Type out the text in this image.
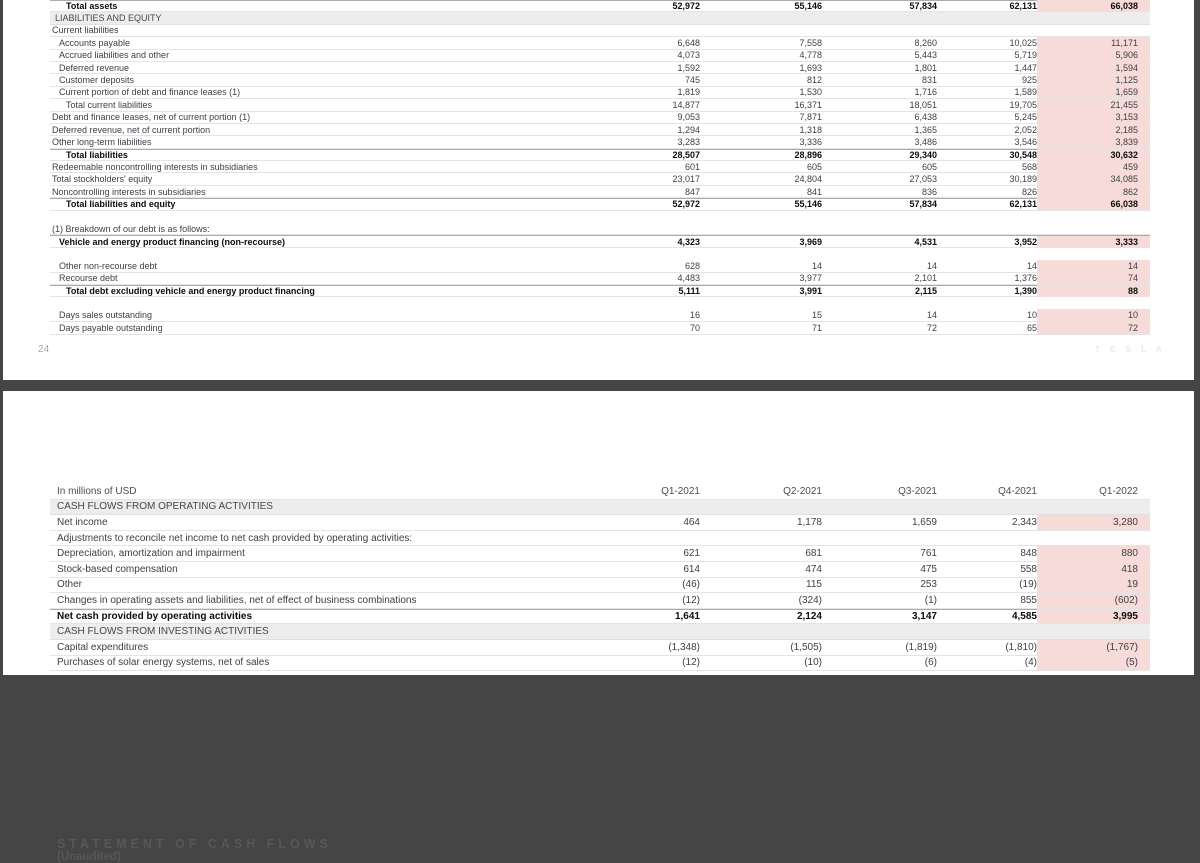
Total assets	52,972	55,146	57,834	62,131	66,038
LIABILITIES AND EQUITY
Current liabilities
Accounts payable	6,648	7,558	8,260	10,025	11,171
Accrued liabilities and other	4,073	4,778	5,443	5,719	5,906
Deferred revenue	1,592	1,693	1,801	1,447	1,594
Customer deposits	745	812	831	925	1,125
Current portion of debt and finance leases (1)	1,819	1,530	1,716	1,589	1,659
Total current liabilities	14,877	16,371	18,051	19,705	21,455
Debt and finance leases, net of current portion (1)	9,053	7,871	6,438	5,245	3,153
Deferred revenue, net of current portion	1,294	1,318	1,365	2,052	2,185
Other long-term liabilities	3,283	3,336	3,486	3,546	3,839
Total liabilities	28,507	28,896	29,340	30,548	30,632
Redeemable noncontrolling interests in subsidiaries	601	605	605	568	459
Total stockholders' equity	23,017	24,804	27,053	30,189	34,085
Noncontrolling interests in subsidiaries	847	841	836	826	862
Total liabilities and equity	52,972	55,146	57,834	62,131	66,038
(1) Breakdown of our debt is as follows:
Vehicle and energy product financing (non-recourse)	4,323	3,969	4,531	3,952	3,333
Other non-recourse debt	628	14	14	14	14
Recourse debt	4,483	3,977	2,101	1,376	74
Total debt excluding vehicle and energy product financing	5,111	3,991	2,115	1,390	88
Days sales outstanding	16	15	14	10	10
Days payable outstanding	70	71	72	65	72
24	T E S L A
STATEMENT OF CASH FLOWS
(Unaudited)
In millions of USD	Q1-2021	Q2-2021	Q3-2021	Q4-2021	Q1-2022
CASH FLOWS FROM OPERATING ACTIVITIES
Net income	464	1,178	1,659	2,343	3,280
Adjustments to reconcile net income to net cash provided by operating activities:
Depreciation, amortization and impairment	621	681	761	848	880
Stock-based compensation	614	474	475	558	418
Other	(46)	115	253	(19)	19
Changes in operating assets and liabilities, net of effect of business combinations	(12)	(324)	(1)	855	(602)
Net cash provided by operating activities	1,641	2,124	3,147	4,585	3,995
CASH FLOWS FROM INVESTING ACTIVITIES
Capital expenditures	(1,348)	(1,505)	(1,819)	(1,810)	(1,767)
Purchases of solar energy systems, net of sales	(12)	(10)	(6)	(4)	(5)
